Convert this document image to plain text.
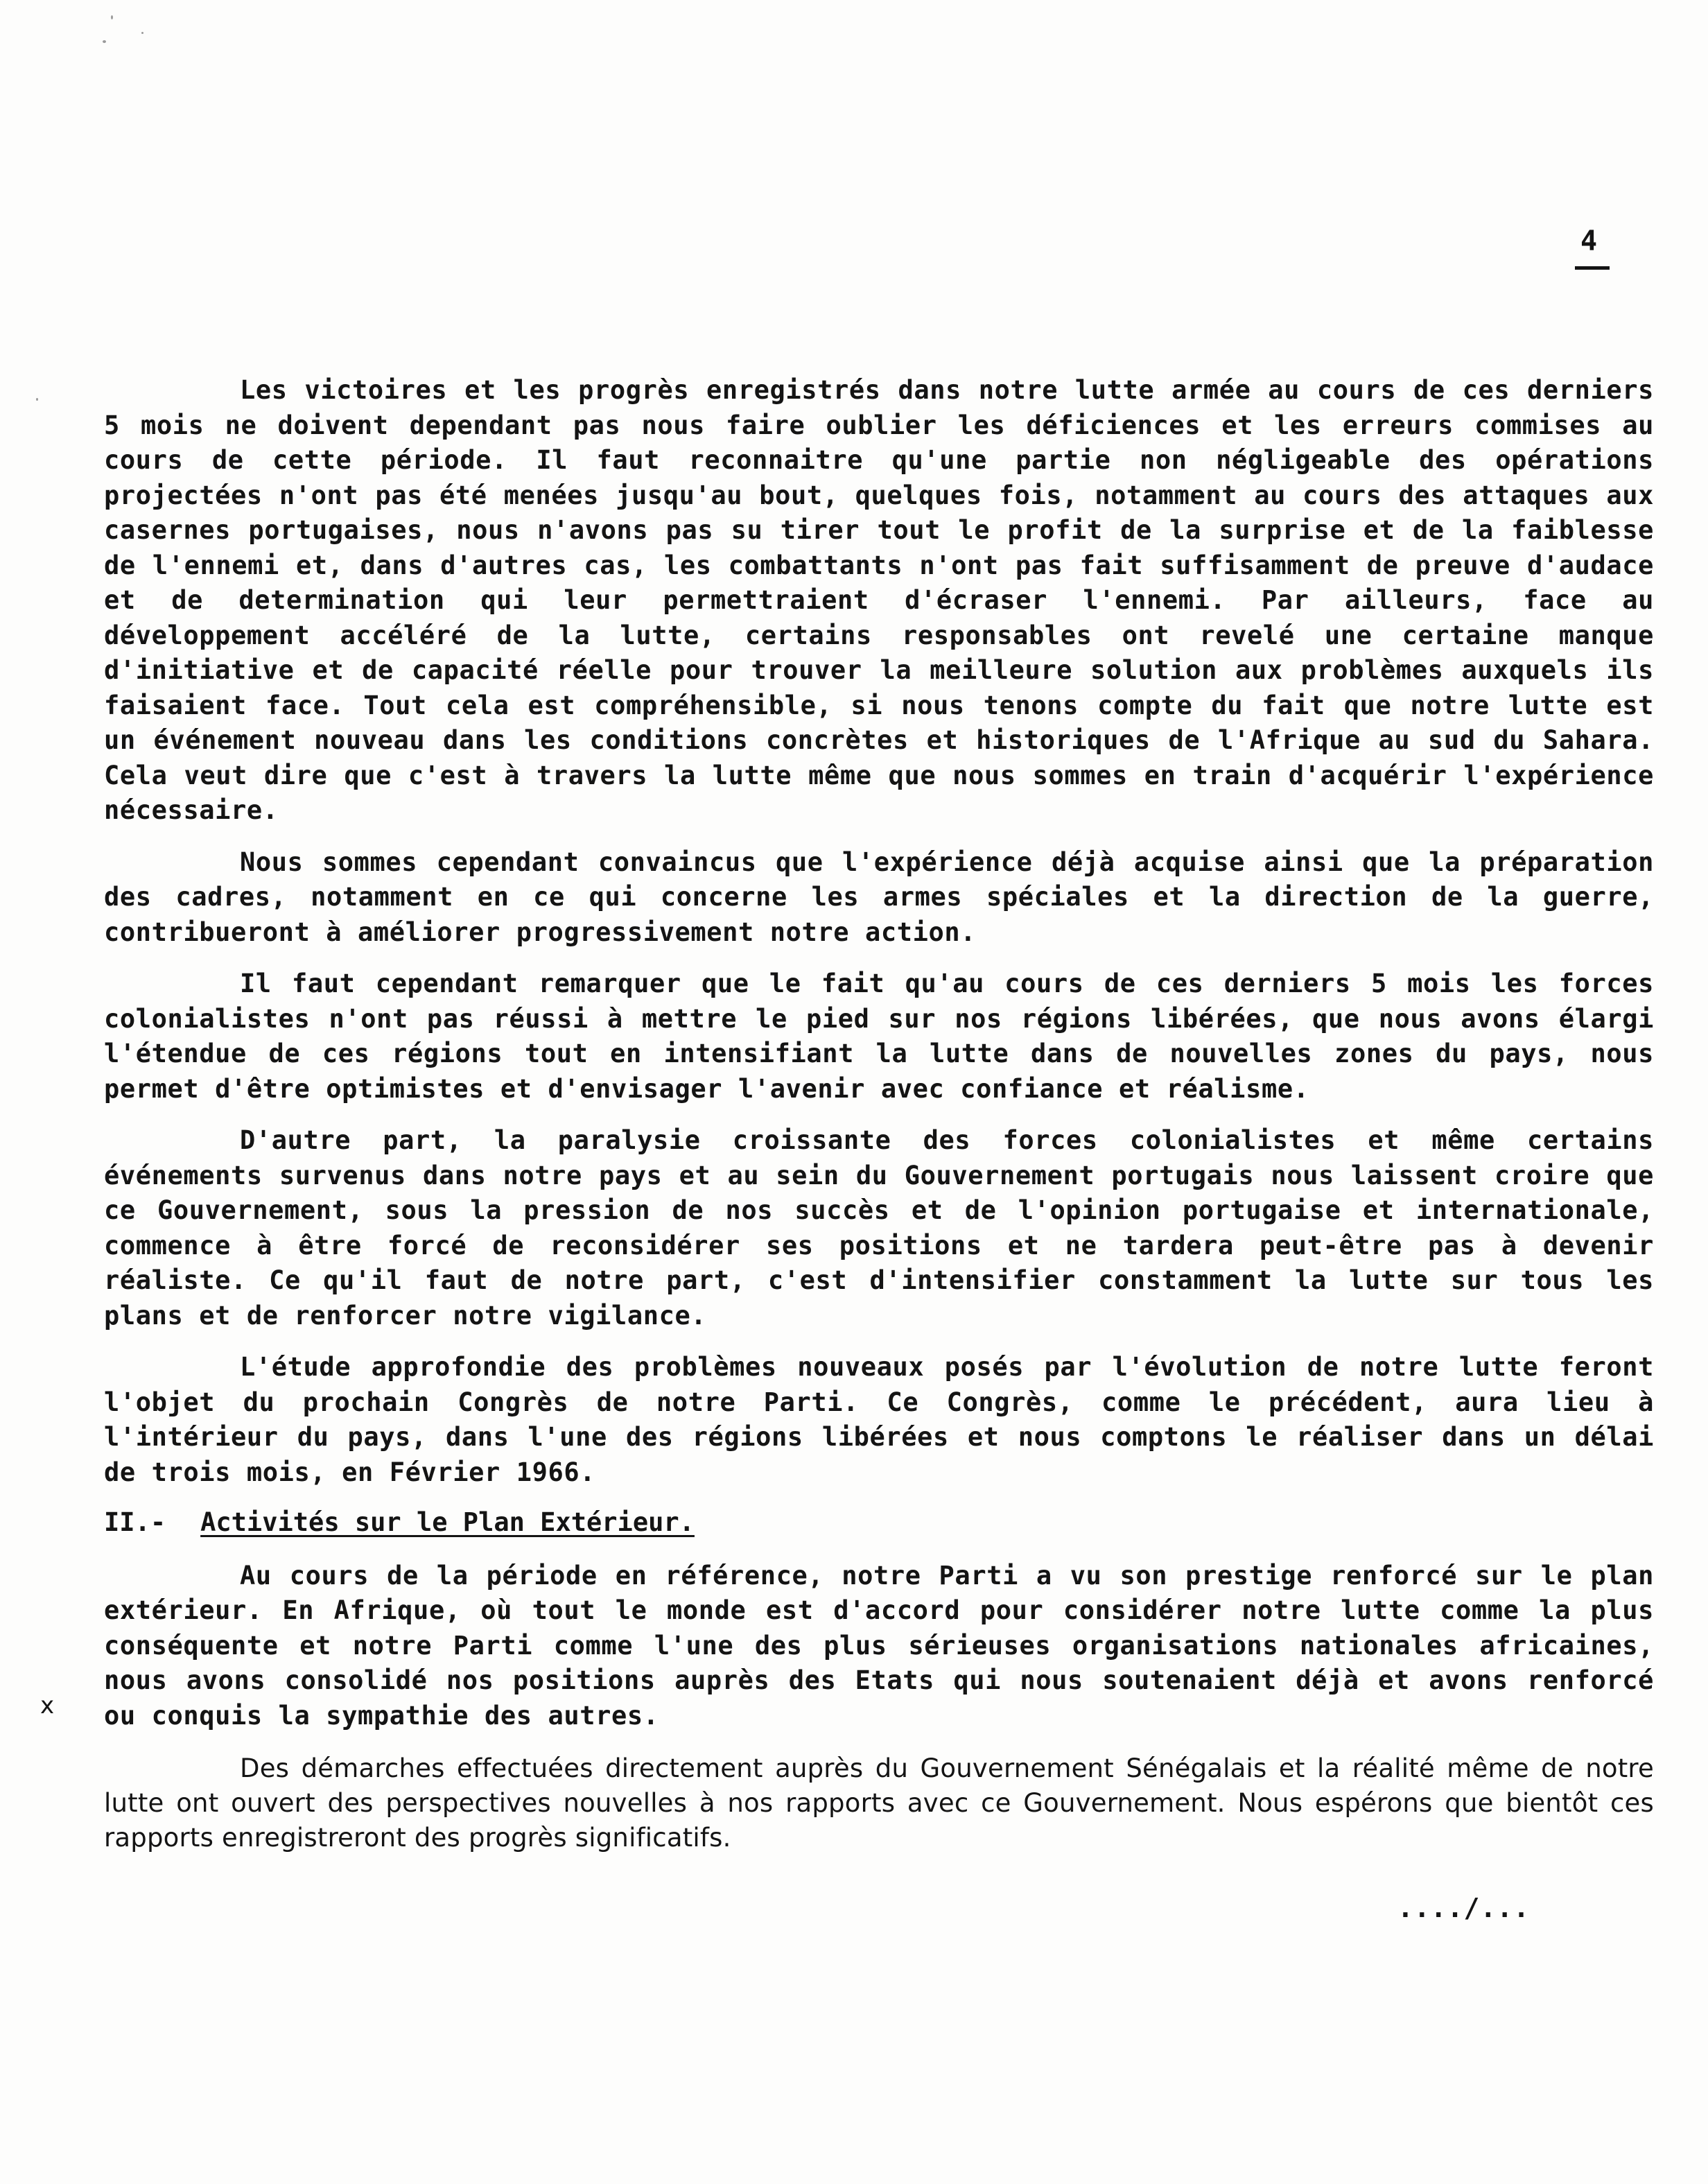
4

Les victoires et les progrès enregistrés dans notre lutte armée au cours de ces derniers 5 mois ne doivent dependant pas nous faire oublier les déficiences et les erreurs commises au cours de cette période. Il faut reconnaitre qu'une partie non négligeable des opérations projectées n'ont pas été menées jusqu'au bout, quelques fois, notamment au cours des attaques aux casernes portugaises, nous n'avons pas su tirer tout le profit de la surprise et de la faiblesse de l'ennemi et, dans d'autres cas, les combattants n'ont pas fait suffisamment de preuve d'audace et de determination qui leur permettraient d'écraser l'ennemi. Par ailleurs, face au développement accéléré de la lutte, certains responsables ont revelé une certaine manque d'initiative et de capacité réelle pour trouver la meilleure solution aux problèmes auxquels ils faisaient face. Tout cela est compréhensible, si nous tenons compte du fait que notre lutte est un événement nouveau dans les conditions concrètes et historiques de l'Afrique au sud du Sahara. Cela veut dire que c'est à travers la lutte même que nous sommes en train d'acquérir l'expérience nécessaire.

Nous sommes cependant convaincus que l'expérience déjà acquise ainsi que la préparation des cadres, notamment en ce qui concerne les armes spéciales et la direction de la guerre, contribueront à améliorer progressivement notre action.

Il faut cependant remarquer que le fait qu'au cours de ces derniers 5 mois les forces colonialistes n'ont pas réussi à mettre le pied sur nos régions libérées, que nous avons élargi l'étendue de ces régions tout en intensifiant la lutte dans de nouvelles zones du pays, nous permet d'être optimistes et d'envisager l'avenir avec confiance et réalisme.

D'autre part, la paralysie croissante des forces colonialistes et même certains événements survenus dans notre pays et au sein du Gouvernement portugais nous laissent croire que ce Gouvernement, sous la pression de nos succès et de l'opinion portugaise et internationale, commence à être forcé de reconsidérer ses positions et ne tardera peut-être pas à devenir réaliste. Ce qu'il faut de notre part, c'est d'intensifier constamment la lutte sur tous les plans et de renforcer notre vigilance.

L'étude approfondie des problèmes nouveaux posés par l'évolution de notre lutte feront l'objet du prochain Congrès de notre Parti. Ce Congrès, comme le précédent, aura lieu à l'intérieur du pays, dans l'une des régions libérées et nous comptons le réaliser dans un délai de trois mois, en Février 1966.

II.- Activités sur le Plan Extérieur.

Au cours de la période en référence, notre Parti a vu son prestige renforcé sur le plan extérieur. En Afrique, où tout le monde est d'accord pour considérer notre lutte comme la plus conséquente et notre Parti comme l'une des plus sérieuses organisations nationales africaines, nous avons consolidé nos positions auprès des Etats qui nous soutenaient déjà et avons renforcé ou conquis la sympathie des autres.

Des démarches effectuées directement auprès du Gouvernement Sénégalais et la réalité même de notre lutte ont ouvert des perspectives nouvelles à nos rapports avec ce Gouvernement. Nous espérons que bientôt ces rapports enregistreront des progrès significatifs.

x

..../...
